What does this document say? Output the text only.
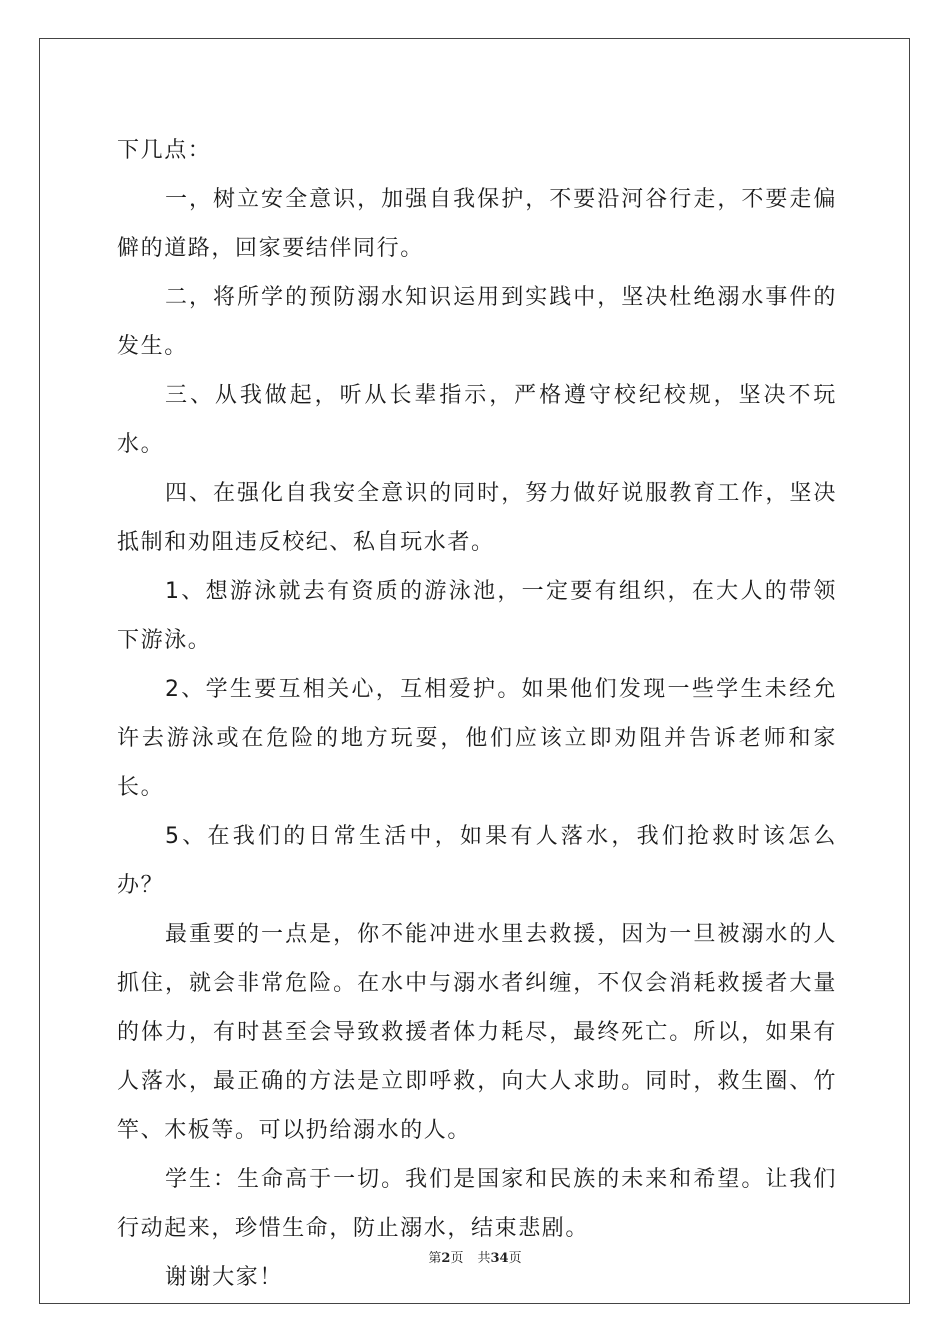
下几点：

一，树立安全意识，加强自我保护，不要沿河谷行走，不要走偏僻的道路，回家要结伴同行。

二，将所学的预防溺水知识运用到实践中，坚决杜绝溺水事件的发生。

三、从我做起，听从长辈指示，严格遵守校纪校规，坚决不玩水。

四、在强化自我安全意识的同时，努力做好说服教育工作，坚决抵制和劝阻违反校纪、私自玩水者。

1、想游泳就去有资质的游泳池，一定要有组织，在大人的带领下游泳。

2、学生要互相关心，互相爱护。如果他们发现一些学生未经允许去游泳或在危险的地方玩耍，他们应该立即劝阻并告诉老师和家长。

5、在我们的日常生活中，如果有人落水，我们抢救时该怎么办？

最重要的一点是，你不能冲进水里去救援，因为一旦被溺水的人抓住，就会非常危险。在水中与溺水者纠缠，不仅会消耗救援者大量的体力，有时甚至会导致救援者体力耗尽，最终死亡。所以，如果有人落水，最正确的方法是立即呼救，向大人求助。同时，救生圈、竹竿、木板等。可以扔给溺水的人。

学生：生命高于一切。我们是国家和民族的未来和希望。让我们行动起来，珍惜生命，防止溺水，结束悲剧。

谢谢大家！

第2页 共34页
